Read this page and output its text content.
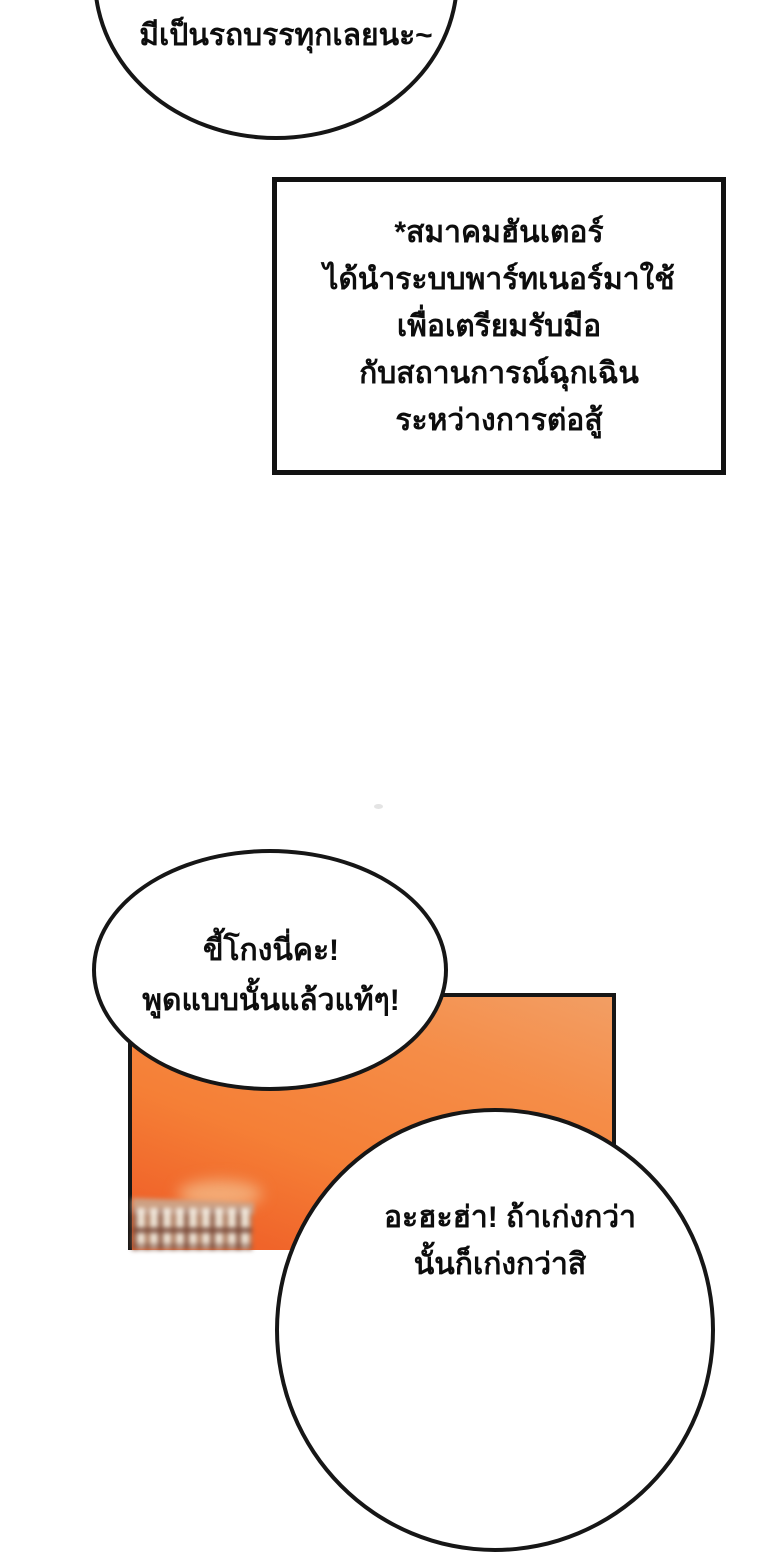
มีเป็นรถบรรทุกเลยนะ~
*สมาคมฮันเตอร์
ได้นำระบบพาร์ทเนอร์มาใช้
เพื่อเตรียมรับมือ
กับสถานการณ์ฉุกเฉิน
ระหว่างการต่อสู้
ขี้โกงนี่คะ!
พูดแบบนั้นแล้วแท้ๆ!
อะฮะฮ่า! ถ้าเก่งกว่า
นั้นก็เก่งกว่าสิ
